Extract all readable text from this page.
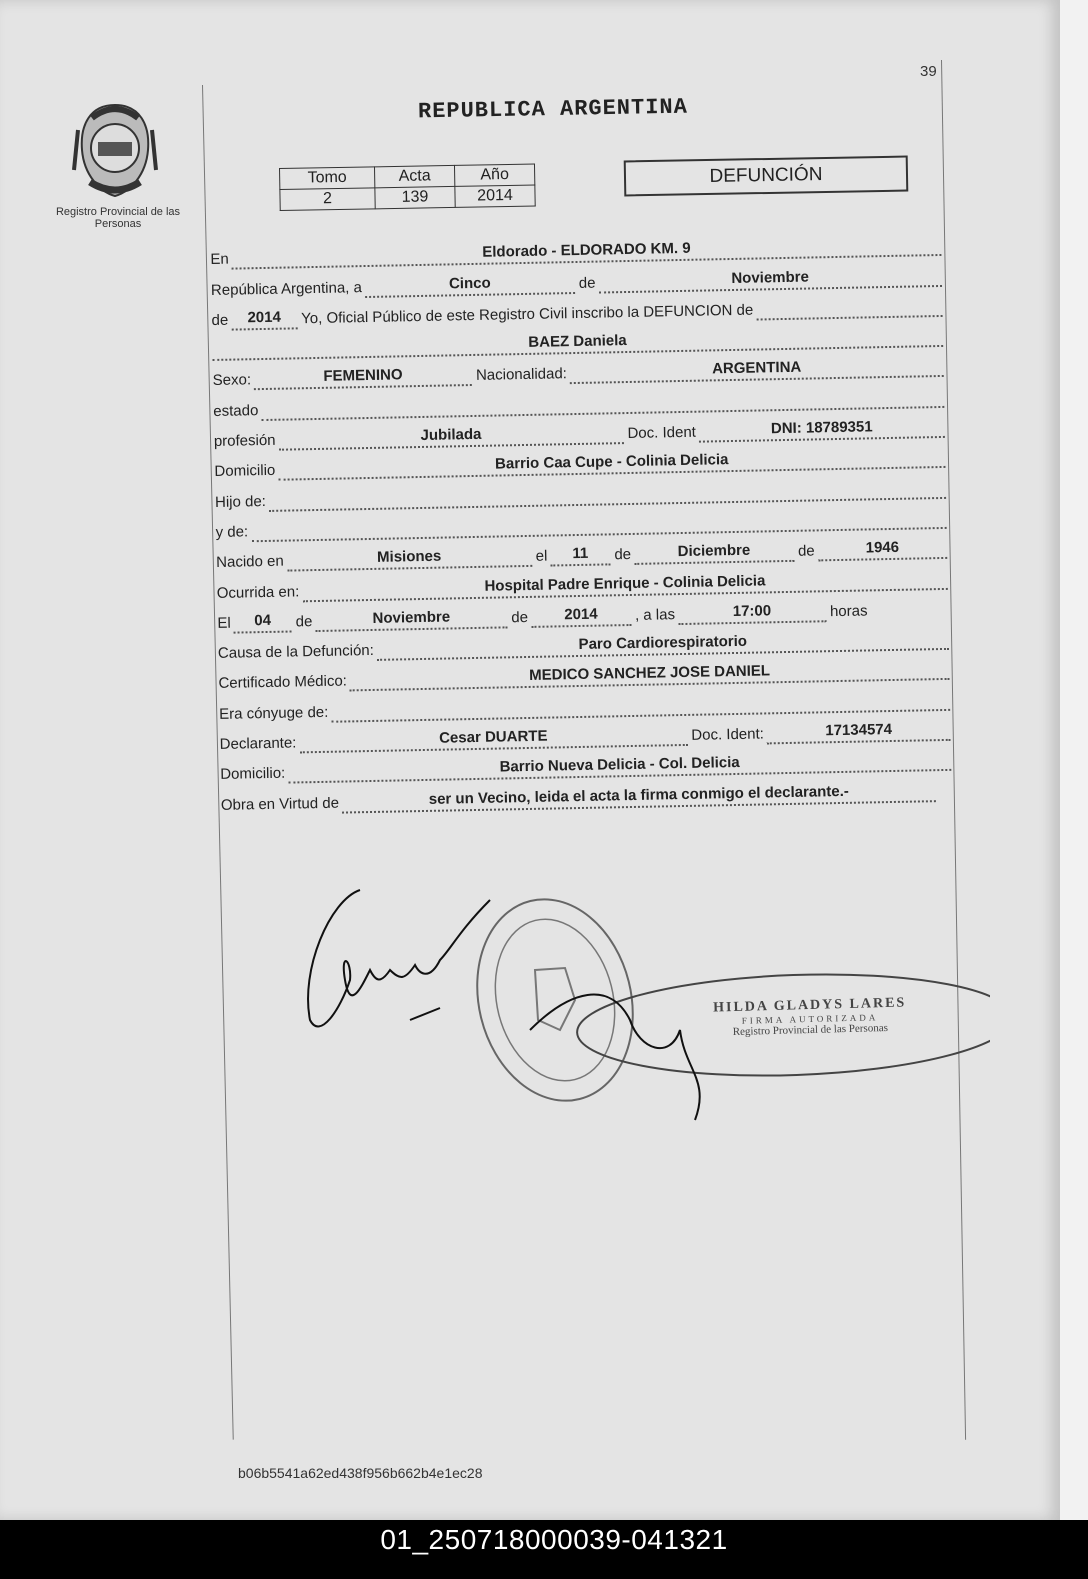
Registro Provincial de las Personas
39
REPUBLICA ARGENTINA
Tomo	Acta	Año
2	139	2014
DEFUNCIÓN
En	Eldorado - ELDORADO KM. 9
República Argentina, a	Cinco	de	Noviembre
de	2014	Yo, Oficial Público de este Registro Civil inscribo la DEFUNCION de
BAEZ Daniela
Sexo:	FEMENINO	Nacionalidad:	ARGENTINA
estado
profesión	Jubilada	Doc. Ident	DNI: 18789351
Domicilio	Barrio Caa Cupe - Colinia Delicia
Hijo de:
y de:
Nacido en	Misiones	el	11	de	Diciembre	de	1946
Ocurrida en:	Hospital Padre Enrique - Colinia Delicia
El	04	de	Noviembre	de	2014	, a las	17:00	horas
Causa de la Defunción:	Paro Cardiorespiratorio
Certificado Médico:	MEDICO SANCHEZ JOSE DANIEL
Era cónyuge de:
Declarante:	Cesar DUARTE	Doc. Ident:	17134574
Domicilio:	Barrio Nueva Delicia - Col. Delicia
Obra en Virtud de	ser un Vecino, leida el acta la firma conmigo el declarante.-
HILDA GLADYS LARES
FIRMA AUTORIZADA
Registro Provincial de las Personas
b06b5541a62ed438f956b662b4e1ec28
01_250718000039-041321
